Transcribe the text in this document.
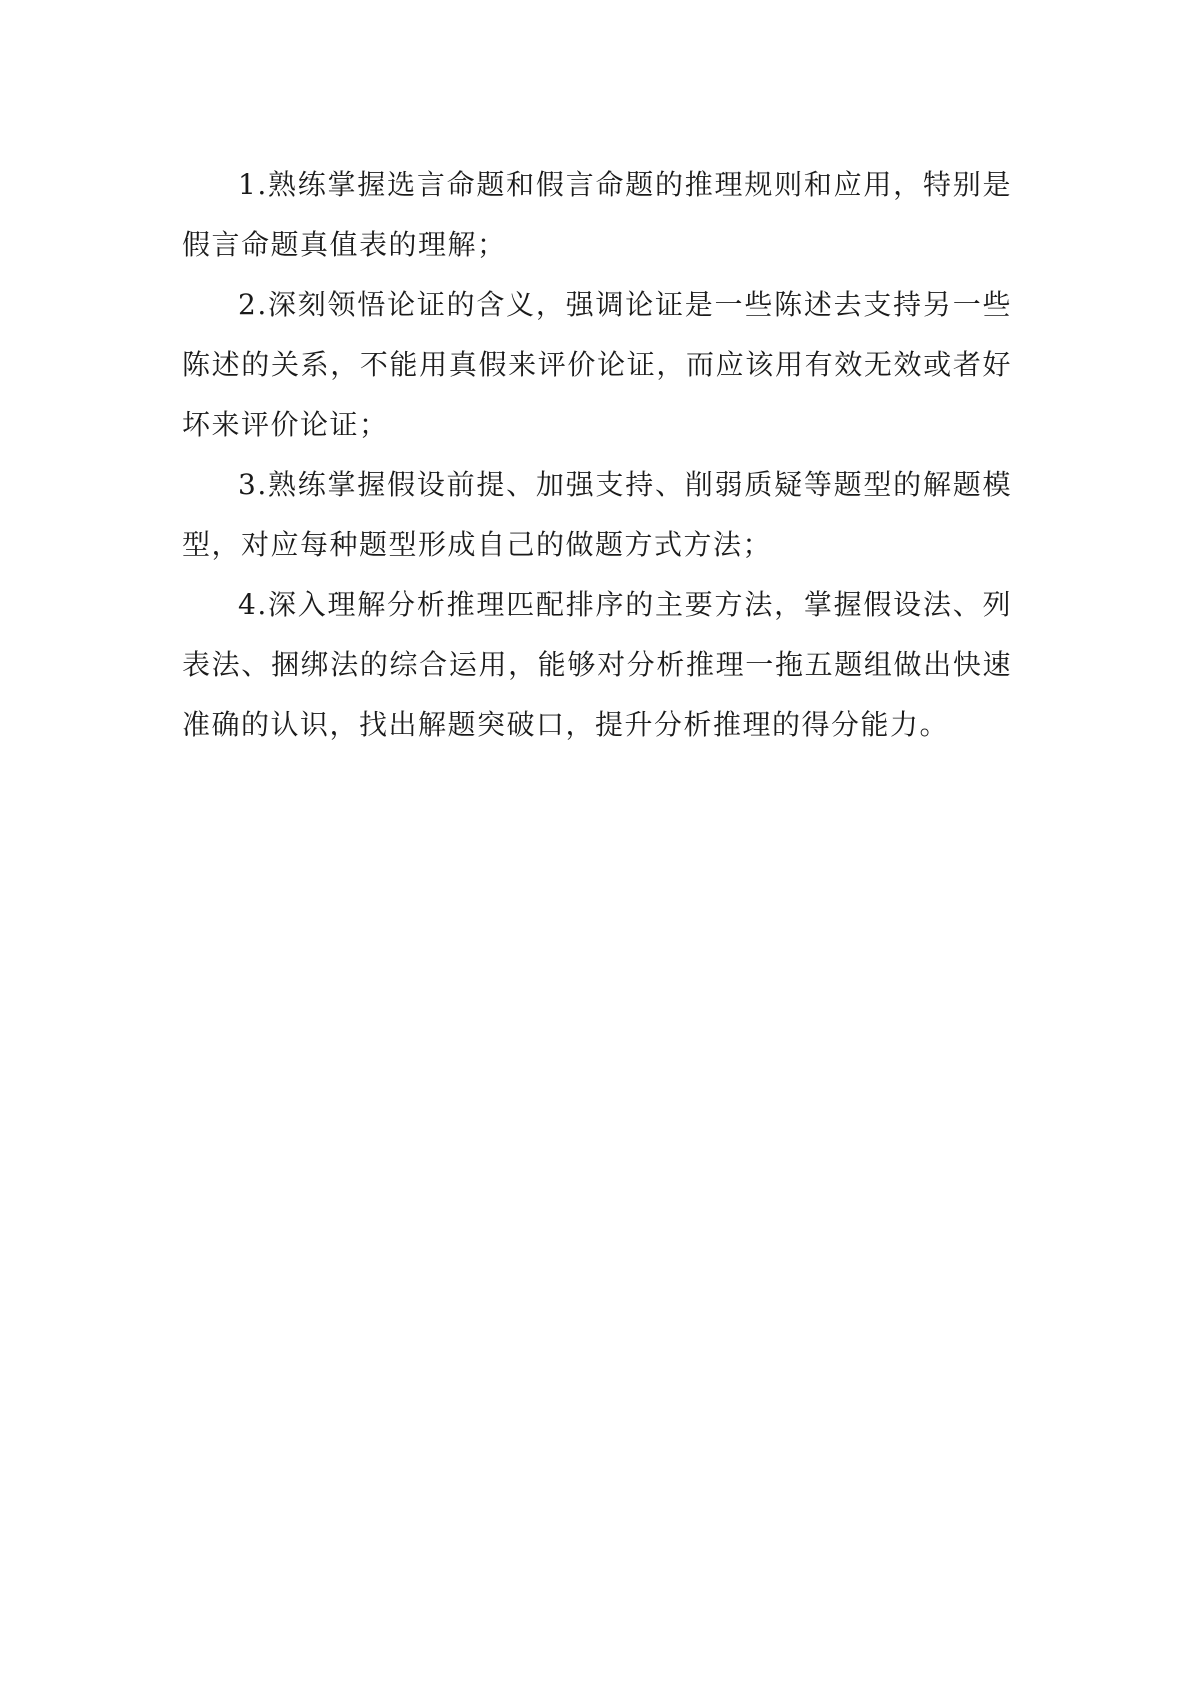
1.熟练掌握选言命题和假言命题的推理规则和应用，特别是假言命题真值表的理解；

2.深刻领悟论证的含义，强调论证是一些陈述去支持另一些陈述的关系，不能用真假来评价论证，而应该用有效无效或者好坏来评价论证；

3.熟练掌握假设前提、加强支持、削弱质疑等题型的解题模型，对应每种题型形成自己的做题方式方法；

4.深入理解分析推理匹配排序的主要方法，掌握假设法、列表法、捆绑法的综合运用，能够对分析推理一拖五题组做出快速准确的认识，找出解题突破口，提升分析推理的得分能力。
